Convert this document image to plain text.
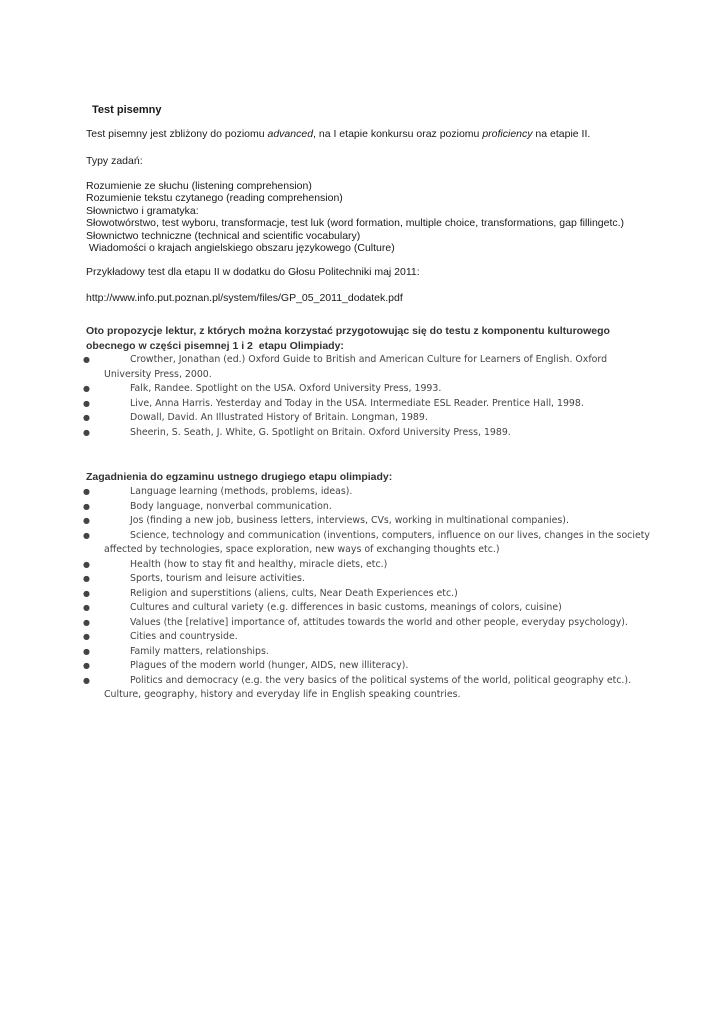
Test pisemny
Test pisemny jest zbliżony do poziomu advanced, na I etapie konkursu oraz poziomu proficiency na etapie II.
Typy zadań:
Rozumienie ze słuchu (listening comprehension)
Rozumienie tekstu czytanego (reading comprehension)
Słownictwo i gramatyka:
Słowotwórstwo, test wyboru, transformacje, test luk (word formation, multiple choice, transformations, gap fillingetc.)
Słownictwo techniczne (technical and scientific vocabulary)
Wiadomości o krajach angielskiego obszaru językowego (Culture)
Przykładowy test dla etapu II w dodatku do Głosu Politechniki maj 2011:
http://www.info.put.poznan.pl/system/files/GP_05_2011_dodatek.pdf
Oto propozycje lektur, z których można korzystać przygotowując się do testu z komponentu kulturowego
obecnego w części pisemnej 1 i 2  etapu Olimpiady:
●	Crowther, Jonathan (ed.) Oxford Guide to British and American Culture for Learners of English. Oxford
University Press, 2000.
●	Falk, Randee. Spotlight on the USA. Oxford University Press, 1993.
●	Live, Anna Harris. Yesterday and Today in the USA. Intermediate ESL Reader. Prentice Hall, 1998.
●	Dowall, David. An Illustrated History of Britain. Longman, 1989.
●	Sheerin, S. Seath, J. White, G. Spotlight on Britain. Oxford University Press, 1989.
Zagadnienia do egzaminu ustnego drugiego etapu olimpiady:
●	Language learning (methods, problems, ideas).
●	Body language, nonverbal communication.
●	Jos (finding a new job, business letters, interviews, CVs, working in multinational companies).
●	Science, technology and communication (inventions, computers, influence on our lives, changes in the society
affected by technologies, space exploration, new ways of exchanging thoughts etc.)
●	Health (how to stay fit and healthy, miracle diets, etc.)
●	Sports, tourism and leisure activities.
●	Religion and superstitions (aliens, cults, Near Death Experiences etc.)
●	Cultures and cultural variety (e.g. differences in basic customs, meanings of colors, cuisine)
●	Values (the [relative] importance of, attitudes towards the world and other people, everyday psychology).
●	Cities and countryside.
●	Family matters, relationships.
●	Plagues of the modern world (hunger, AIDS, new illiteracy).
●	Politics and democracy (e.g. the very basics of the political systems of the world, political geography etc.).
Culture, geography, history and everyday life in English speaking countries.
